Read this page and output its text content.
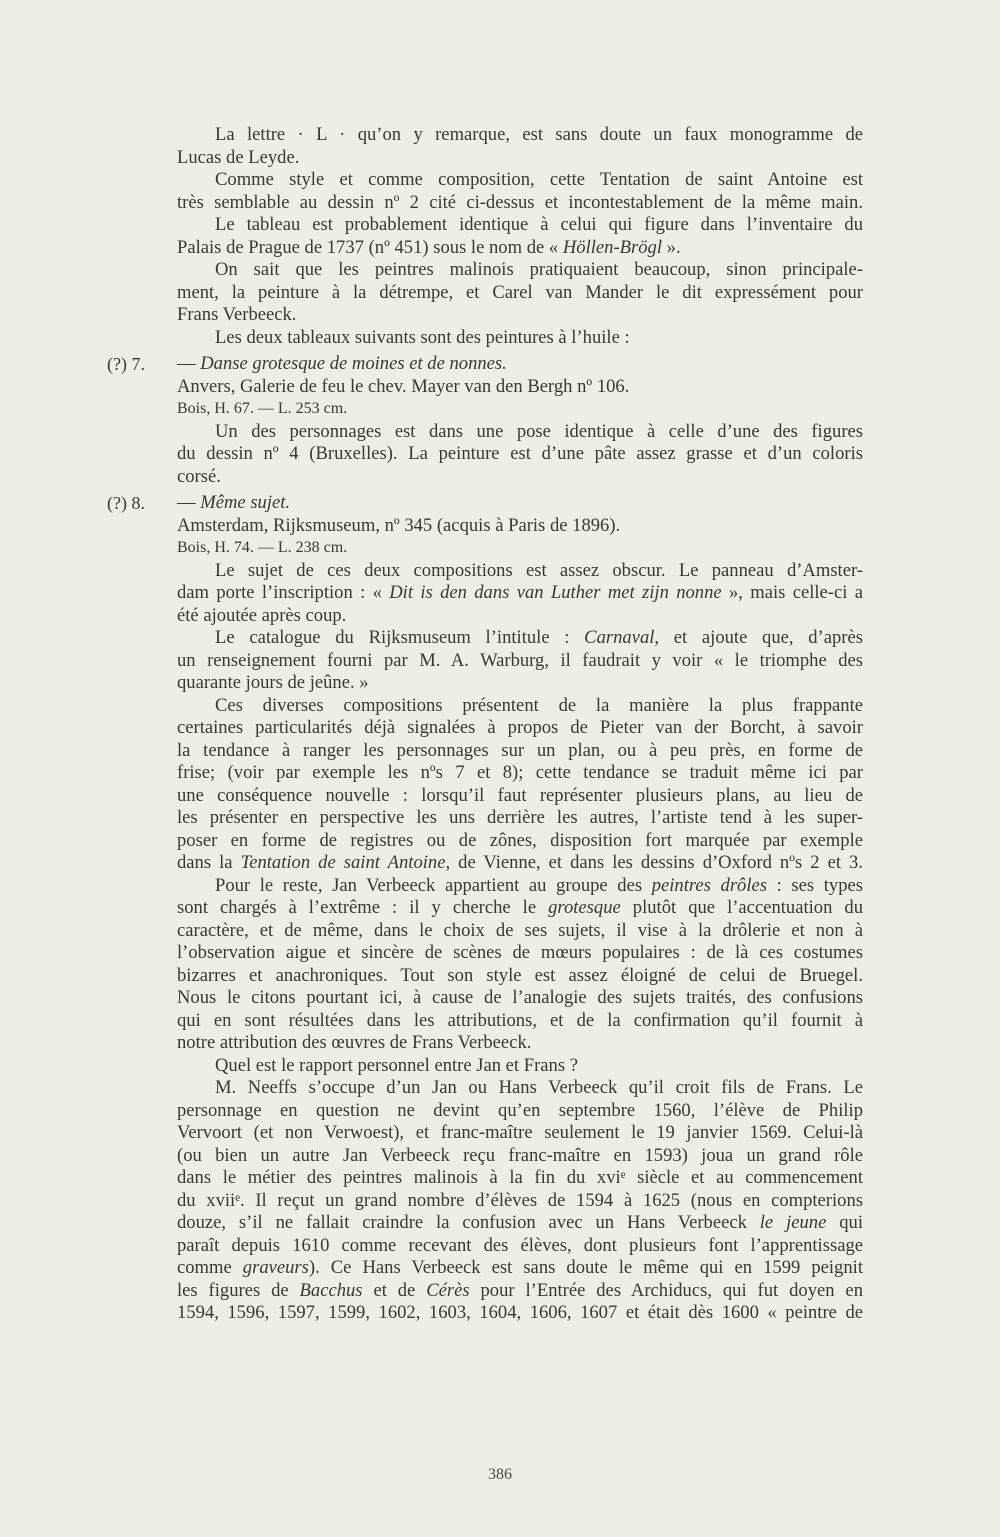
La lettre · L · qu’on y remarque, est sans doute un faux monogramme de
Lucas de Leyde.
Comme style et comme composition, cette Tentation de saint Antoine est
très semblable au dessin nº 2 cité ci-dessus et incontestablement de la même main.
Le tableau est probablement identique à celui qui figure dans l’inventaire du
Palais de Prague de 1737 (nº 451) sous le nom de « Höllen-Brögl ».
On sait que les peintres malinois pratiquaient beaucoup, sinon principale-
ment, la peinture à la détrempe, et Carel van Mander le dit expressément pour
Frans Verbeeck.
Les deux tableaux suivants sont des peintures à l’huile :
(?) 7. — Danse grotesque de moines et de nonnes.
Anvers, Galerie de feu le chev. Mayer van den Bergh nº 106.
Bois, H. 67. — L. 253 cm.
Un des personnages est dans une pose identique à celle d’une des figures
du dessin nº 4 (Bruxelles). La peinture est d’une pâte assez grasse et d’un coloris
corsé.
(?) 8. — Même sujet.
Amsterdam, Rijksmuseum, nº 345 (acquis à Paris de 1896).
Bois, H. 74. — L. 238 cm.
Le sujet de ces deux compositions est assez obscur. Le panneau d’Amster-
dam porte l’inscription : « Dit is den dans van Luther met zijn nonne », mais celle-ci a
été ajoutée après coup.
Le catalogue du Rijksmuseum l’intitule : Carnaval, et ajoute que, d’après
un renseignement fourni par M. A. Warburg, il faudrait y voir « le triomphe des
quarante jours de jeûne. »
Ces diverses compositions présentent de la manière la plus frappante
certaines particularités déjà signalées à propos de Pieter van der Borcht, à savoir
la tendance à ranger les personnages sur un plan, ou à peu près, en forme de
frise; (voir par exemple les nºs 7 et 8); cette tendance se traduit même ici par
une conséquence nouvelle : lorsqu’il faut représenter plusieurs plans, au lieu de
les présenter en perspective les uns derrière les autres, l’artiste tend à les super-
poser en forme de registres ou de zônes, disposition fort marquée par exemple
dans la Tentation de saint Antoine, de Vienne, et dans les dessins d’Oxford nºs 2 et 3.
Pour le reste, Jan Verbeeck appartient au groupe des peintres drôles : ses types
sont chargés à l’extrême : il y cherche le grotesque plutôt que l’accentuation du
caractère, et de même, dans le choix de ses sujets, il vise à la drôlerie et non à
l’observation aigue et sincère de scènes de mœurs populaires : de là ces costumes
bizarres et anachroniques. Tout son style est assez éloigné de celui de Bruegel.
Nous le citons pourtant ici, à cause de l’analogie des sujets traités, des confusions
qui en sont résultées dans les attributions, et de la confirmation qu’il fournit à
notre attribution des œuvres de Frans Verbeeck.
Quel est le rapport personnel entre Jan et Frans ?
M. Neeffs s’occupe d’un Jan ou Hans Verbeeck qu’il croit fils de Frans. Le
personnage en question ne devint qu’en septembre 1560, l’élève de Philip
Vervoort (et non Verwoest), et franc-maître seulement le 19 janvier 1569. Celui-là
(ou bien un autre Jan Verbeeck reçu franc-maître en 1593) joua un grand rôle
dans le métier des peintres malinois à la fin du xviᵉ siècle et au commencement
du xviiᵉ. Il reçut un grand nombre d’élèves de 1594 à 1625 (nous en compterions
douze, s’il ne fallait craindre la confusion avec un Hans Verbeeck le jeune qui
paraît depuis 1610 comme recevant des élèves, dont plusieurs font l’apprentissage
comme graveurs). Ce Hans Verbeeck est sans doute le même qui en 1599 peignit
les figures de Bacchus et de Cérès pour l’Entrée des Archiducs, qui fut doyen en
1594, 1596, 1597, 1599, 1602, 1603, 1604, 1606, 1607 et était dès 1600 « peintre de
386
